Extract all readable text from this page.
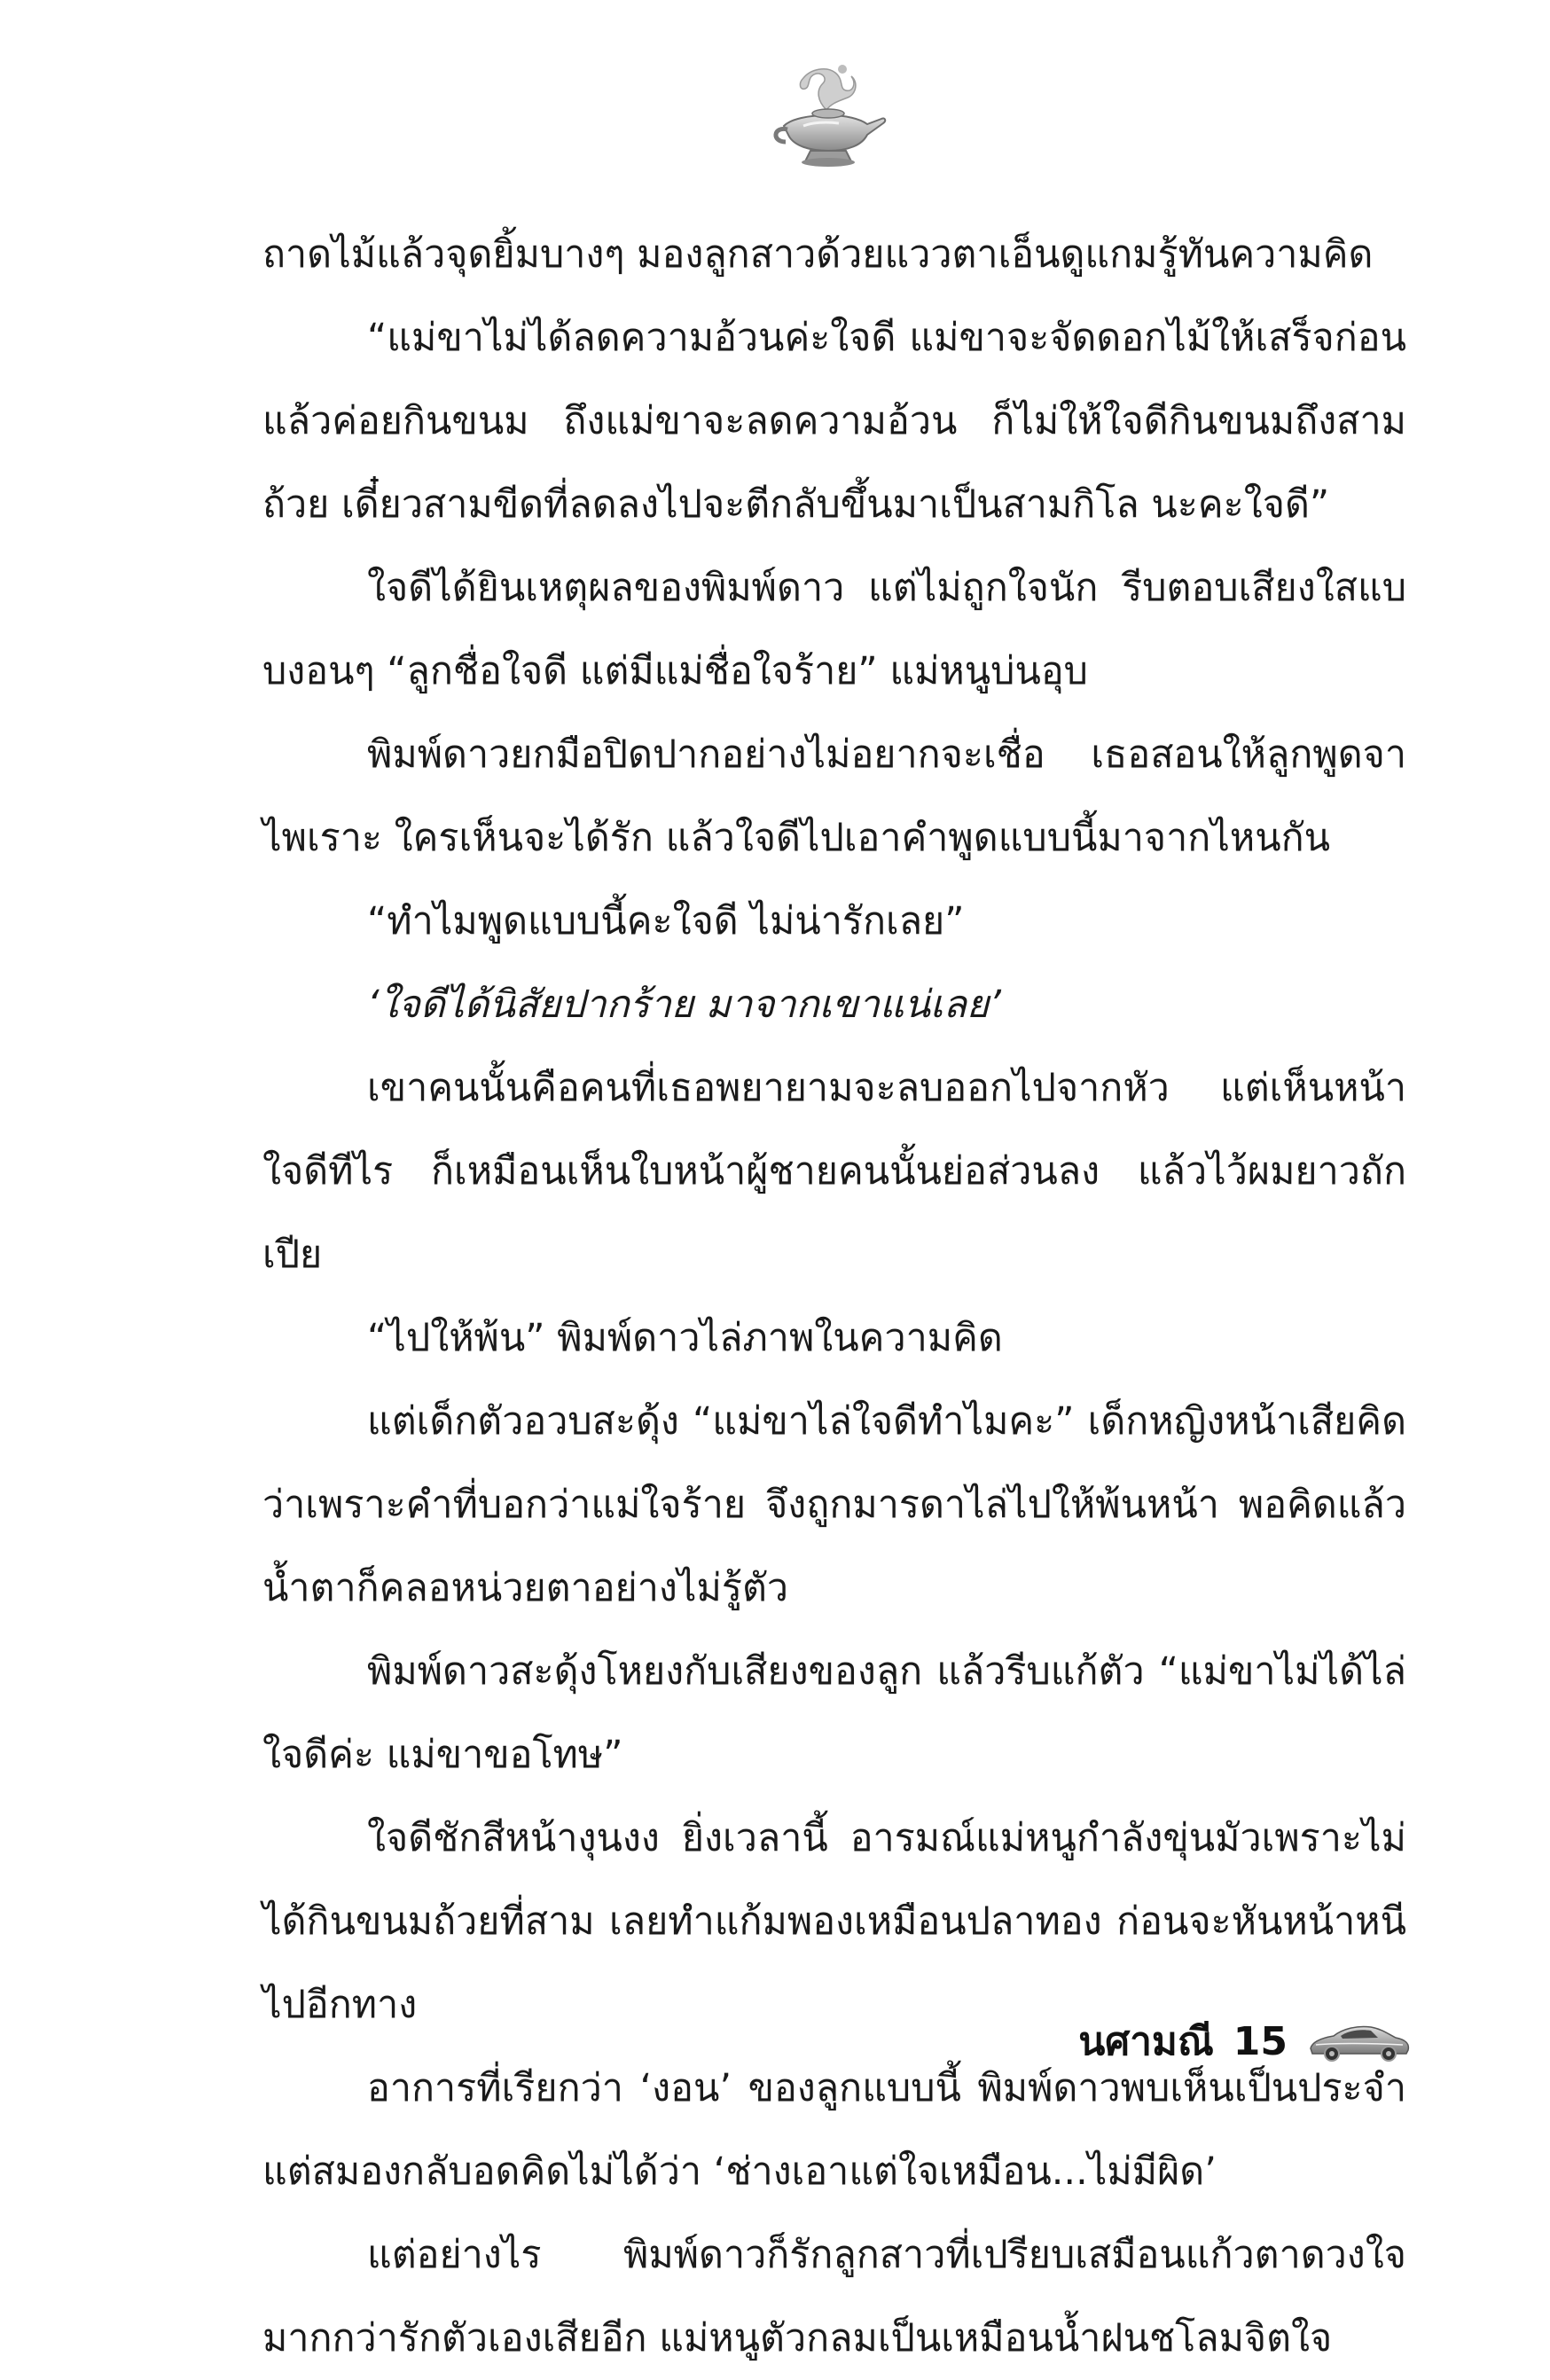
ถาดไม้แล้วจุดยิ้มบางๆ มองลูกสาวด้วยแววตาเอ็นดูแกมรู้ทันความคิด

“แม่ขาไม่ได้ลดความอ้วนค่ะใจดี แม่ขาจะจัดดอกไม้ให้เสร็จก่อน แล้วค่อยกินขนม ถึงแม่ขาจะลดความอ้วน ก็ไม่ให้ใจดีกินขนมถึงสามถ้วย เดี๋ยวสามขีดที่ลดลงไปจะตีกลับขึ้นมาเป็นสามกิโล นะคะใจดี”

ใจดีได้ยินเหตุผลของพิมพ์ดาว แต่ไม่ถูกใจนัก รีบตอบเสียงใสแบบงอนๆ “ลูกชื่อใจดี แต่มีแม่ชื่อใจร้าย” แม่หนูบ่นอุบ

พิมพ์ดาวยกมือปิดปากอย่างไม่อยากจะเชื่อ เธอสอนให้ลูกพูดจาไพเราะ ใครเห็นจะได้รัก แล้วใจดีไปเอาคำพูดแบบนี้มาจากไหนกัน

“ทำไมพูดแบบนี้คะใจดี ไม่น่ารักเลย”

‘ใจดีได้นิสัยปากร้าย มาจากเขาแน่เลย’

เขาคนนั้นคือคนที่เธอพยายามจะลบออกไปจากหัว แต่เห็นหน้าใจดีทีไร ก็เหมือนเห็นใบหน้าผู้ชายคนนั้นย่อส่วนลง แล้วไว้ผมยาวถักเปีย

“ไปให้พ้น” พิมพ์ดาวไล่ภาพในความคิด

แต่เด็กตัวอวบสะดุ้ง “แม่ขาไล่ใจดีทำไมคะ” เด็กหญิงหน้าเสียคิดว่าเพราะคำที่บอกว่าแม่ใจร้าย จึงถูกมารดาไล่ไปให้พ้นหน้า พอคิดแล้วน้ำตาก็คลอหน่วยตาอย่างไม่รู้ตัว

พิมพ์ดาวสะดุ้งโหยงกับเสียงของลูก แล้วรีบแก้ตัว “แม่ขาไม่ได้ไล่ใจดีค่ะ แม่ขาขอโทษ”

ใจดีชักสีหน้างุนงง ยิ่งเวลานี้ อารมณ์แม่หนูกำลังขุ่นมัวเพราะไม่ได้กินขนมถ้วยที่สาม เลยทำแก้มพองเหมือนปลาทอง ก่อนจะหันหน้าหนีไปอีกทาง

อาการที่เรียกว่า ‘งอน’ ของลูกแบบนี้ พิมพ์ดาวพบเห็นเป็นประจำ แต่สมองกลับอดคิดไม่ได้ว่า ‘ช่างเอาแต่ใจเหมือน...ไม่มีผิด’

แต่อย่างไร พิมพ์ดาวก็รักลูกสาวที่เปรียบเสมือนแก้วตาดวงใจมากกว่ารักตัวเองเสียอีก แม่หนูตัวกลมเป็นเหมือนน้ำฝนชโลมจิตใจ

นศามณี 15
